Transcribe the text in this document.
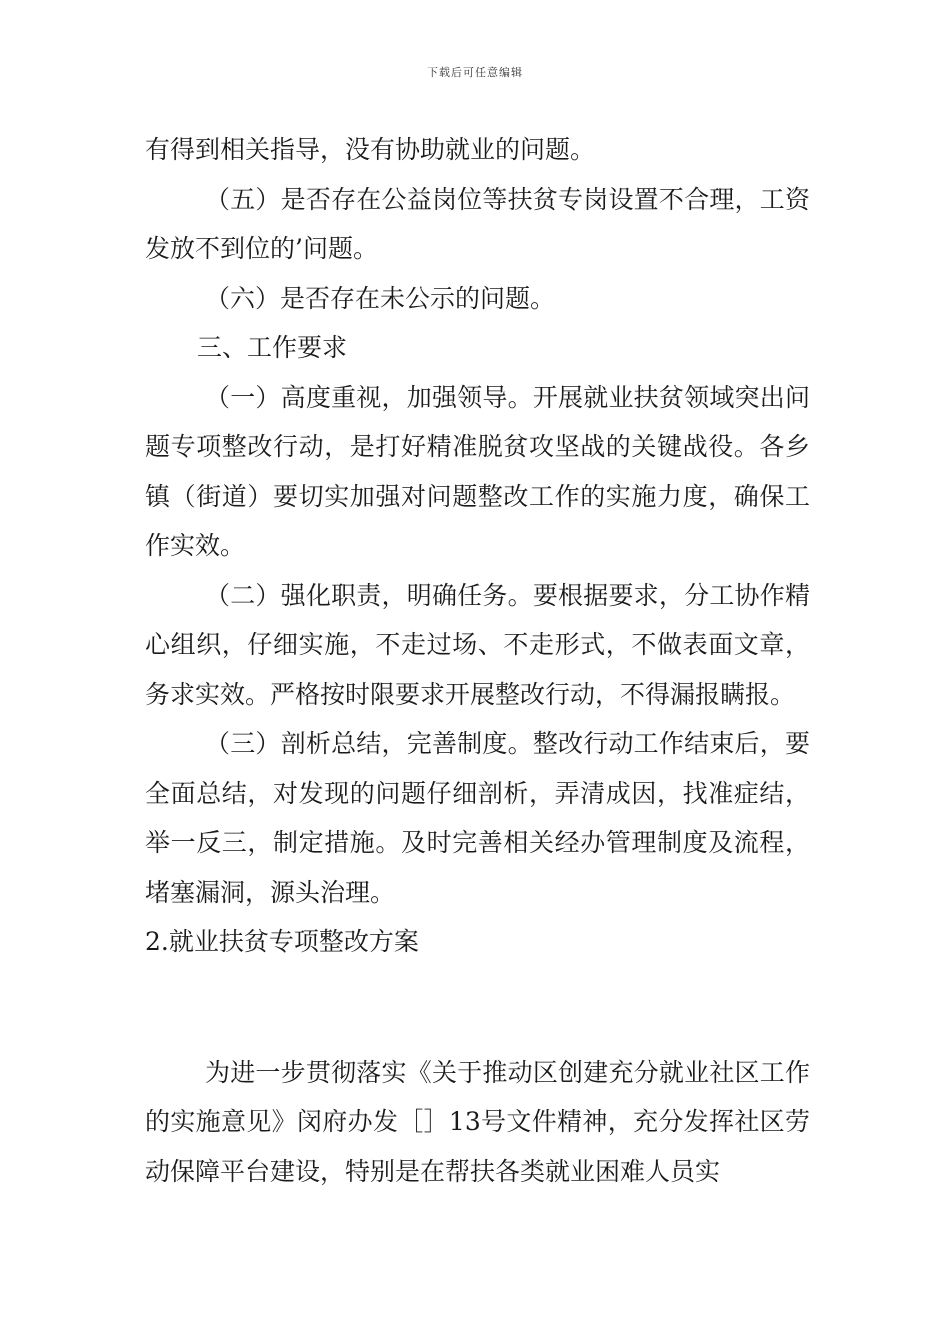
下载后可任意编辑

有得到相关指导，没有协助就业的问题。

（五）是否存在公益岗位等扶贫专岗设置不合理，工资发放不到位的’问题。

（六）是否存在未公示的问题。

三、工作要求

（一）高度重视，加强领导。开展就业扶贫领域突出问题专项整改行动，是打好精准脱贫攻坚战的关键战役。各乡镇（街道）要切实加强对问题整改工作的实施力度，确保工作实效。

（二）强化职责，明确任务。要根据要求，分工协作精心组织，仔细实施，不走过场、不走形式，不做表面文章，务求实效。严格按时限要求开展整改行动，不得漏报瞒报。

（三）剖析总结，完善制度。整改行动工作结束后，要全面总结，对发现的问题仔细剖析，弄清成因，找准症结，举一反三，制定措施。及时完善相关经办管理制度及流程，堵塞漏洞，源头治理。

2.就业扶贫专项整改方案

为进一步贯彻落实《关于推动区创建充分就业社区工作的实施意见》闵府办发［］13号文件精神，充分发挥社区劳动保障平台建设，特别是在帮扶各类就业困难人员实
